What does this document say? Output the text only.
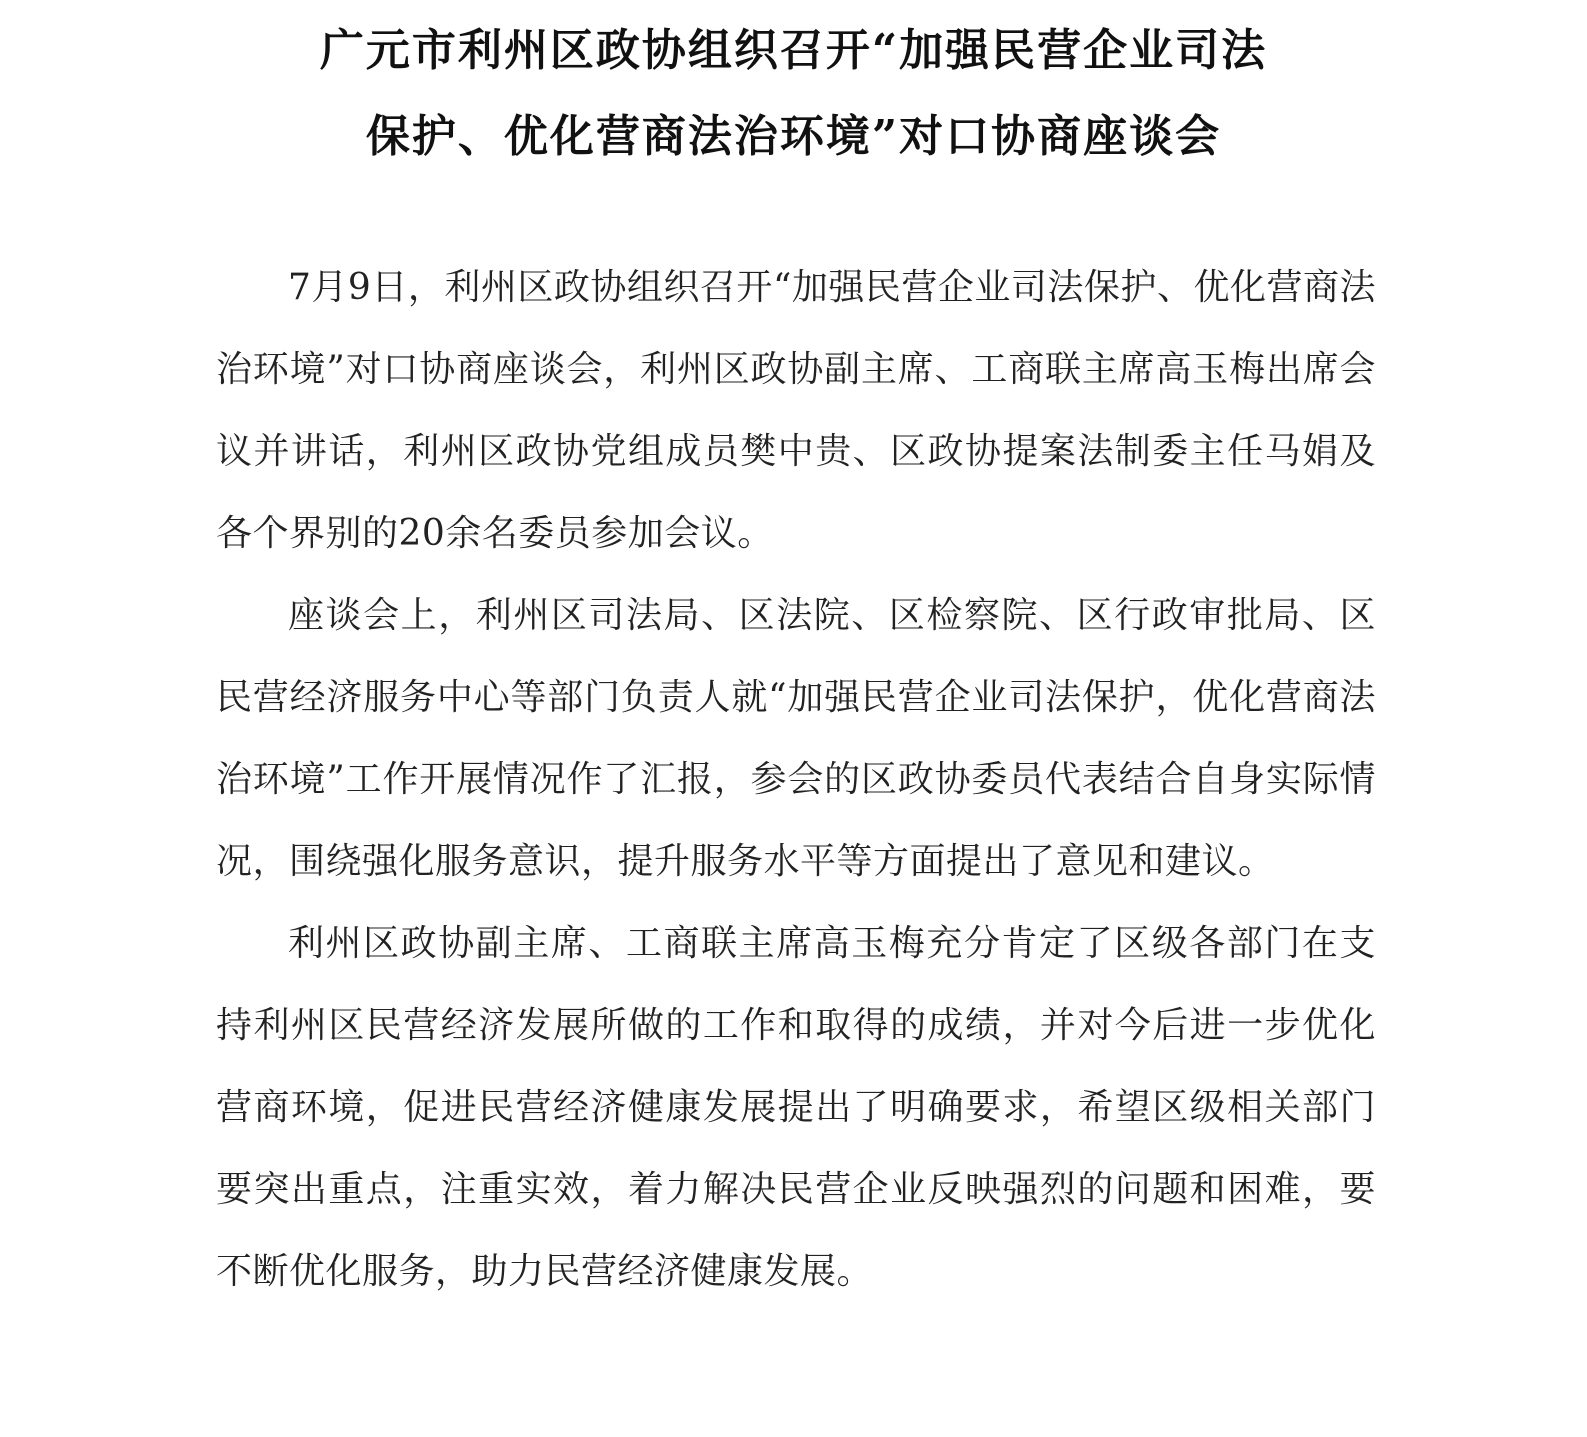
广元市利州区政协组织召开“加强民营企业司法
保护、优化营商法治环境”对口协商座谈会

7月9日，利州区政协组织召开“加强民营企业司法保护、优化营商法治环境”对口协商座谈会，利州区政协副主席、工商联主席高玉梅出席会议并讲话，利州区政协党组成员樊中贵、区政协提案法制委主任马娟及各个界别的20余名委员参加会议。

座谈会上，利州区司法局、区法院、区检察院、区行政审批局、区民营经济服务中心等部门负责人就“加强民营企业司法保护，优化营商法治环境”工作开展情况作了汇报，参会的区政协委员代表结合自身实际情况，围绕强化服务意识，提升服务水平等方面提出了意见和建议。

利州区政协副主席、工商联主席高玉梅充分肯定了区级各部门在支持利州区民营经济发展所做的工作和取得的成绩，并对今后进一步优化营商环境，促进民营经济健康发展提出了明确要求，希望区级相关部门要突出重点，注重实效，着力解决民营企业反映强烈的问题和困难，要不断优化服务，助力民营经济健康发展。
